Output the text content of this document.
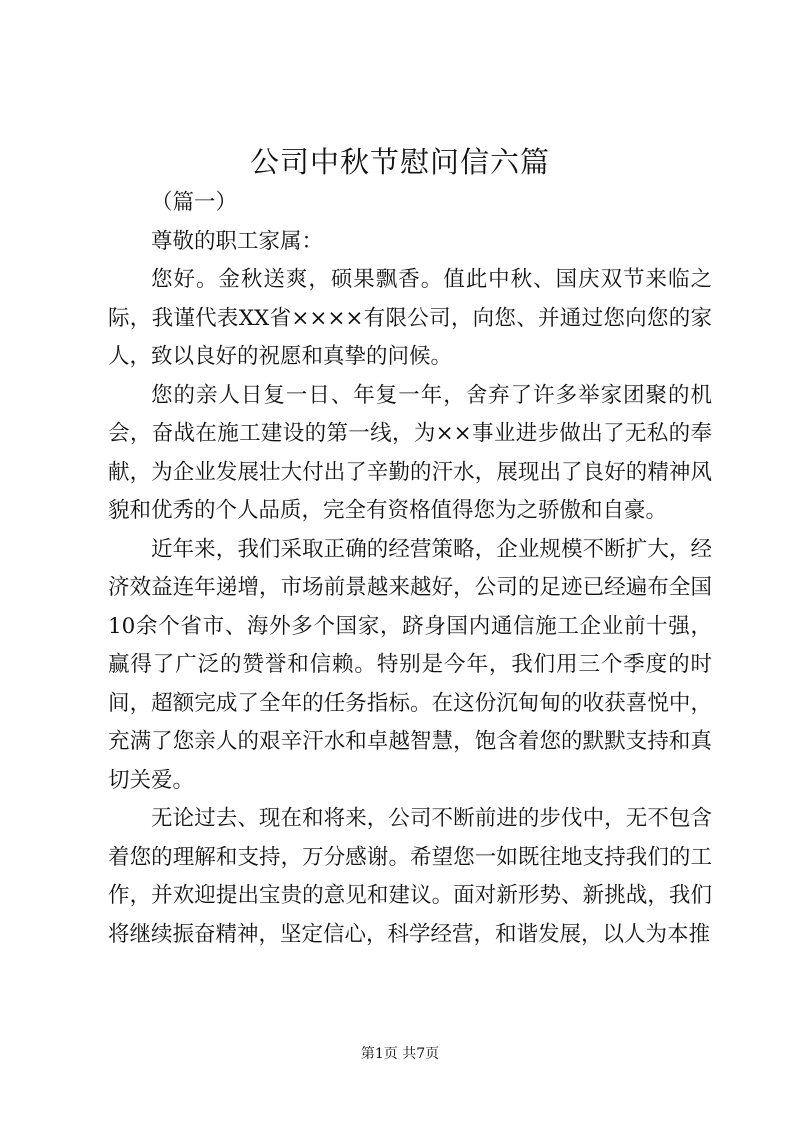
公司中秋节慰问信六篇

（篇一）

尊敬的职工家属：

您好。金秋送爽，硕果飘香。值此中秋、国庆双节来临之际，我谨代表XX省××××有限公司，向您、并通过您向您的家人，致以良好的祝愿和真挚的问候。

您的亲人日复一日、年复一年，舍弃了许多举家团聚的机会，奋战在施工建设的第一线，为××事业进步做出了无私的奉献，为企业发展壮大付出了辛勤的汗水，展现出了良好的精神风貌和优秀的个人品质，完全有资格值得您为之骄傲和自豪。

近年来，我们采取正确的经营策略，企业规模不断扩大，经济效益连年递增，市场前景越来越好，公司的足迹已经遍布全国10余个省市、海外多个国家，跻身国内通信施工企业前十强，赢得了广泛的赞誉和信赖。特别是今年，我们用三个季度的时间，超额完成了全年的任务指标。在这份沉甸甸的收获喜悦中，充满了您亲人的艰辛汗水和卓越智慧，饱含着您的默默支持和真切关爱。

无论过去、现在和将来，公司不断前进的步伐中，无不包含着您的理解和支持，万分感谢。希望您一如既往地支持我们的工作，并欢迎提出宝贵的意见和建议。面对新形势、新挑战，我们将继续振奋精神，坚定信心，科学经营，和谐发展，以人为本推

第1页 共7页
